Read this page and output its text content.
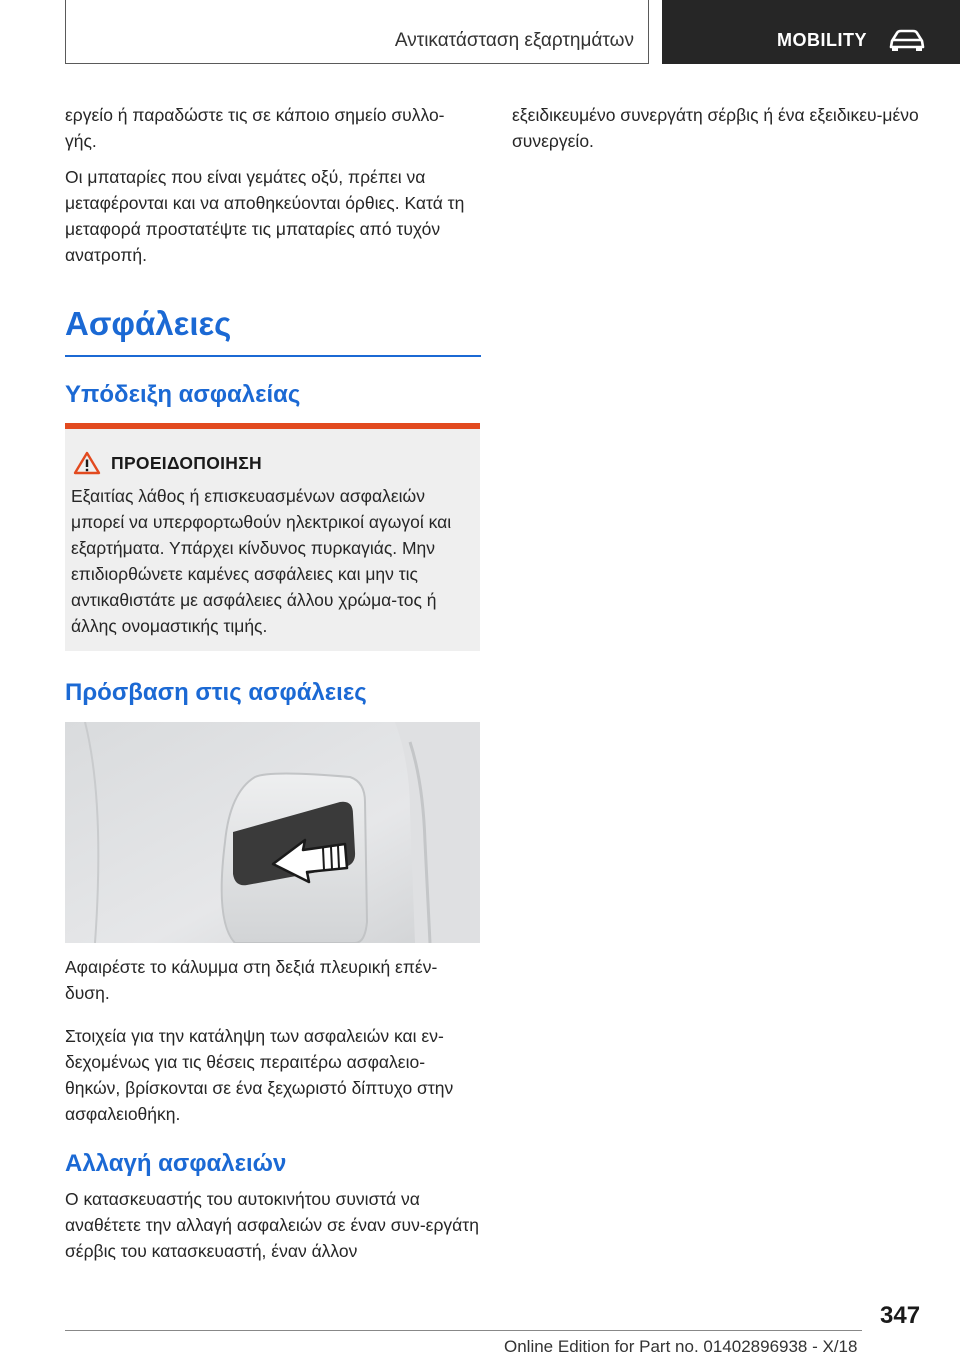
Αντικατάσταση εξαρτημάτων	MOBILITY

εργείο ή παραδώστε τις σε κάποιο σημείο συλλο-γής.

Οι μπαταρίες που είναι γεμάτες οξύ, πρέπει να μεταφέρονται και να αποθηκεύονται όρθιες. Κατά τη μεταφορά προστατέψτε τις μπαταρίες από τυχόν ανατροπή.

Ασφάλειες
Υπόδειξη ασφαλείας
ΠΡΟΕΙΔΟΠΟΙΗΣΗ
Εξαιτίας λάθος ή επισκευασμένων ασφαλειών μπορεί να υπερφορτωθούν ηλεκτρικοί αγωγοί και εξαρτήματα. Υπάρχει κίνδυνος πυρκαγιάς. Μην επιδιορθώνετε καμένες ασφάλειες και μην τις αντικαθιστάτε με ασφάλειες άλλου χρώμα-τος ή άλλης ονομαστικής τιμής.
Πρόσβαση στις ασφάλειες
Αφαιρέστε το κάλυμμα στη δεξιά πλευρική επέν-δυση.
Στοιχεία για την κατάληψη των ασφαλειών και εν-δεχομένως για τις θέσεις περαιτέρω ασφαλειο-θηκών, βρίσκονται σε ένα ξεχωριστό δίπτυχο στην ασφαλειοθήκη.
Αλλαγή ασφαλειών
Ο κατασκευαστής του αυτοκινήτου συνιστά να αναθέτετε την αλλαγή ασφαλειών σε έναν συν-εργάτη σέρβις του κατασκευαστή, έναν άλλον
εξειδικευμένο συνεργάτη σέρβις ή ένα εξειδικευ-μένο συνεργείο.
347
Online Edition for Part no. 01402896938 - X/18
